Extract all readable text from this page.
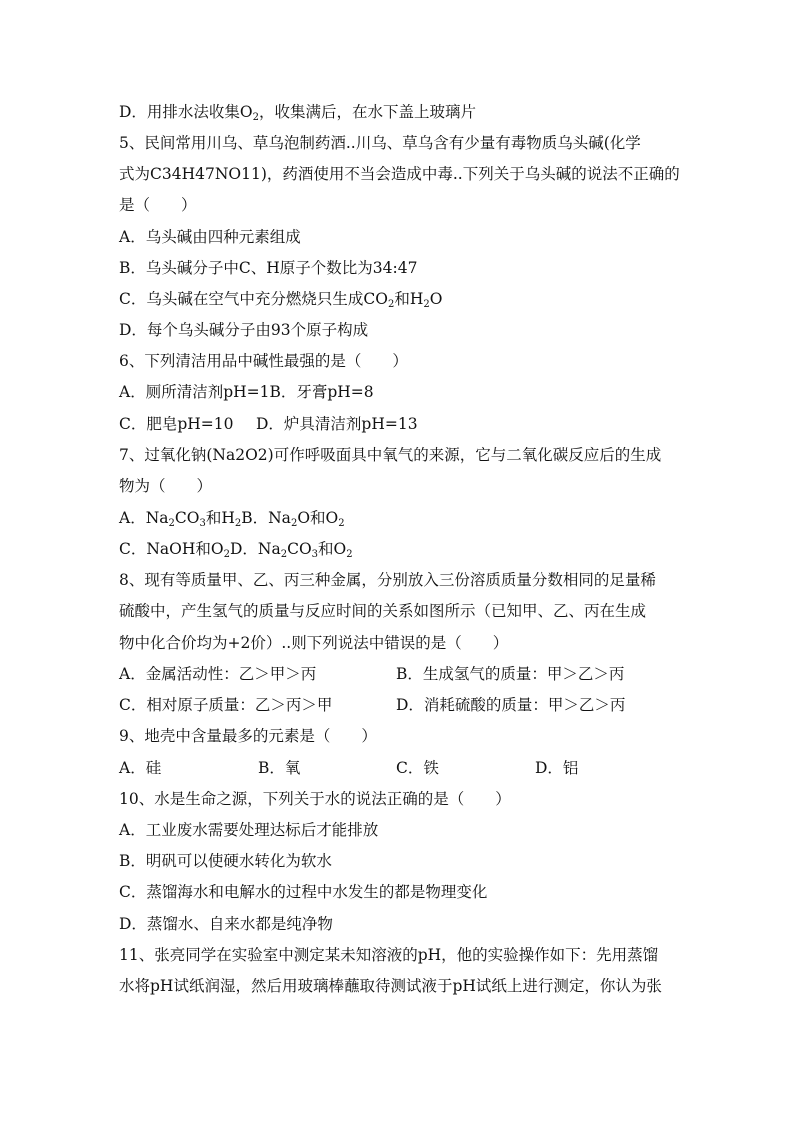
D．用排水法收集$O_2$，收集满后，在水下盖上玻璃片

5、民间常用川乌、草乌泡制药酒..川乌、草乌含有少量有毒物质乌头碱(化学

式为C34H47NO11)，药酒使用不当会造成中毒..下列关于乌头碱的说法不正确的

是（　　）

A．乌头碱由四种元素组成

B．乌头碱分子中C、H原子个数比为34:47

C．乌头碱在空气中充分燃烧只生成$CO_2$和$H_2O$

D．每个乌头碱分子由93个原子构成

6、下列清洁用品中碱性最强的是（　　）

A．厕所清洁剂pH=1B．牙膏pH=8

C．肥皂pH=10 D．炉具清洁剂pH=13

7、过氧化钠(Na2O2)可作呼吸面具中氧气的来源，它与二氧化碳反应后的生成

物为（　　）

A．$Na_2CO_3$和$H_2B$．$Na_2O$和$O_2$

C．NaOH和$O_2D$．$Na_2CO_3$和$O_2$

8、现有等质量甲、乙、丙三种金属，分别放入三份溶质质量分数相同的足量稀

硫酸中，产生氢气的质量与反应时间的关系如图所示（已知甲、乙、丙在生成

物中化合价均为+2价）..则下列说法中错误的是（　　）

A．金属活动性：乙＞甲＞丙	B．生成氢气的质量：甲＞乙＞丙

C．相对原子质量：乙＞丙＞甲	D．消耗硫酸的质量：甲＞乙＞丙

9、地壳中含量最多的元素是（　　）

A．硅	B．氧	C．铁	D．铝

10、水是生命之源，下列关于水的说法正确的是（　　）

A．工业废水需要处理达标后才能排放

B．明矾可以使硬水转化为软水

C．蒸馏海水和电解水的过程中水发生的都是物理变化

D．蒸馏水、自来水都是纯净物

11、张亮同学在实验室中测定某未知溶液的pH，他的实验操作如下：先用蒸馏

水将pH试纸润湿，然后用玻璃棒蘸取待测试液于pH试纸上进行测定，你认为张
